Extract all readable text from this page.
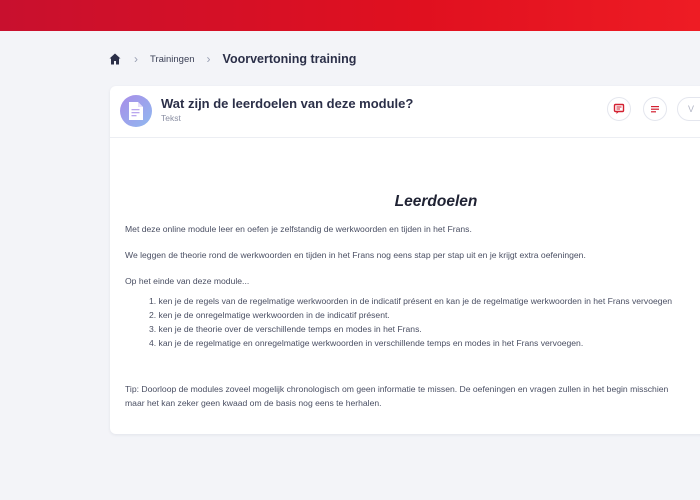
› Trainingen › Voorvertoning training
Wat zijn de leerdoelen van deze module?
Tekst
V
Leerdoelen
Met deze online module leer en oefen je zelfstandig de werkwoorden en tijden in het Frans.
We leggen de theorie rond de werkwoorden en tijden in het Frans nog eens stap per stap uit en je krijgt extra oefeningen.
Op het einde van deze module...
1. ken je de regels van de regelmatige werkwoorden in de indicatif présent en kan je de regelmatige werkwoorden in het Frans vervoegen
2. ken je de onregelmatige werkwoorden in de indicatif présent.
3. ken je de theorie over de verschillende temps en modes in het Frans.
4. kan je de regelmatige en onregelmatige werkwoorden in verschillende temps en modes in het Frans vervoegen.
Tip: Doorloop de modules zoveel mogelijk chronologisch om geen informatie te missen. De oefeningen en vragen zullen in het begin misschien
maar het kan zeker geen kwaad om de basis nog eens te herhalen.
